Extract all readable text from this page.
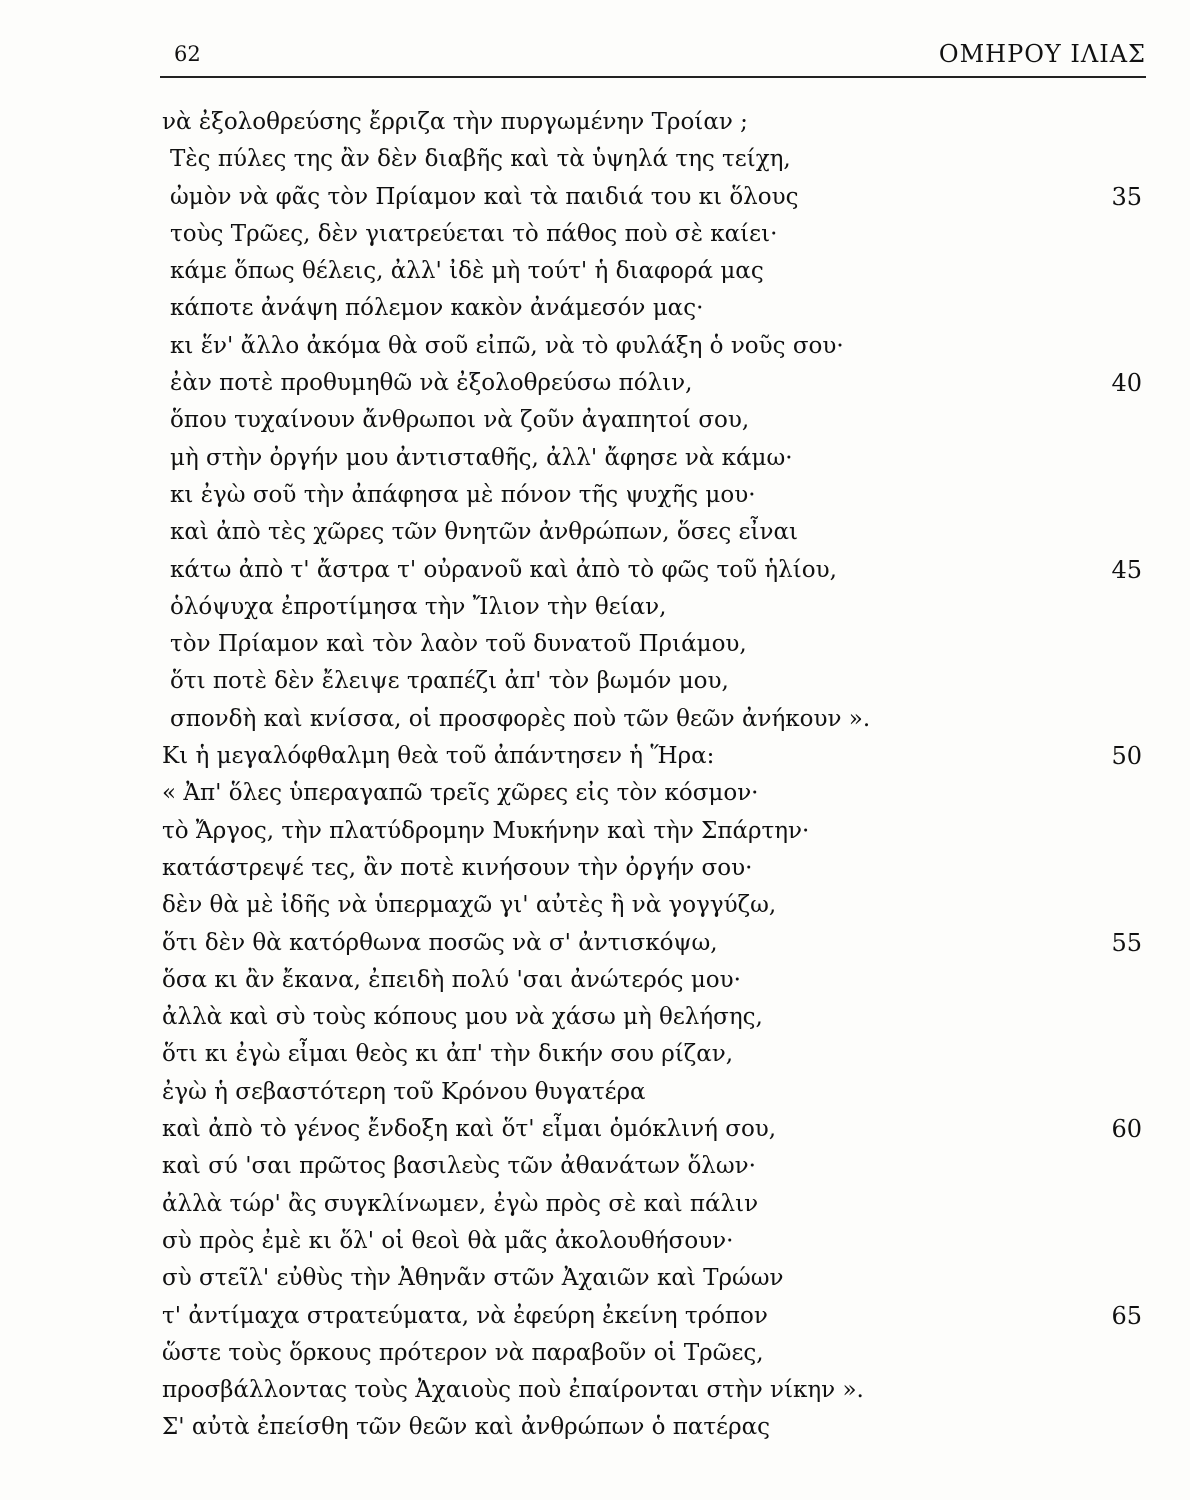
62	ΟΜΗΡΟΥ ΙΛΙΑΣ
νὰ ἐξολοθρεύσης ἔρριζα τὴν πυργωμένην Τροίαν ;
Τὲς πύλες της ἂν δὲν διαβῆς καὶ τὰ ὑψηλά της τείχη,
ὠμὸν νὰ φᾶς τὸν Πρίαμον καὶ τὰ παιδιά του κι ὅλους	35
τοὺς Τρῶες, δὲν γιατρεύεται τὸ πάθος ποὺ σὲ καίει·
κάμε ὅπως θέλεις, ἀλλ' ἰδὲ μὴ τούτ' ἡ διαφορά μας
κάποτε ἀνάψη πόλεμον κακὸν ἀνάμεσόν μας·
κι ἕν' ἄλλο ἀκόμα θὰ σοῦ εἰπῶ, νὰ τὸ φυλάξη ὁ νοῦς σου·
ἐὰν ποτὲ προθυμηθῶ νὰ ἐξολοθρεύσω πόλιν,	40
ὅπου τυχαίνουν ἄνθρωποι νὰ ζοῦν ἀγαπητοί σου,
μὴ στὴν ὀργήν μου ἀντισταθῆς, ἀλλ' ἄφησε νὰ κάμω·
κι ἐγὼ σοῦ τὴν ἀπάφησα μὲ πόνον τῆς ψυχῆς μου·
καὶ ἀπὸ τὲς χῶρες τῶν θνητῶν ἀνθρώπων, ὅσες εἶναι
κάτω ἀπὸ τ' ἄστρα τ' οὐρανοῦ καὶ ἀπὸ τὸ φῶς τοῦ ἡλίου,	45
ὁλόψυχα ἐπροτίμησα τὴν Ἴλιον τὴν θείαν,
τὸν Πρίαμον καὶ τὸν λαὸν τοῦ δυνατοῦ Πριάμου,
ὅτι ποτὲ δὲν ἔλειψε τραπέζι ἀπ' τὸν βωμόν μου,
σπονδὴ καὶ κνίσσα, οἱ προσφορὲς ποὺ τῶν θεῶν ἀνήκουν ».
Κι ἡ μεγαλόφθαλμη θεὰ τοῦ ἀπάντησεν ἡ Ἥρα:	50
« Ἀπ' ὅλες ὑπεραγαπῶ τρεῖς χῶρες εἰς τὸν κόσμον·
τὸ Ἄργος, τὴν πλατύδρομην Μυκήνην καὶ τὴν Σπάρτην·
κατάστρεψέ τες, ἂν ποτὲ κινήσουν τὴν ὀργήν σου·
δὲν θὰ μὲ ἰδῆς νὰ ὑπερμαχῶ γι' αὐτὲς ἢ νὰ γογγύζω,
ὅτι δὲν θὰ κατόρθωνα ποσῶς νὰ σ' ἀντισκόψω,	55
ὅσα κι ἂν ἔκανα, ἐπειδὴ πολύ 'σαι ἀνώτερός μου·
ἀλλὰ καὶ σὺ τοὺς κόπους μου νὰ χάσω μὴ θελήσης,
ὅτι κι ἐγὼ εἶμαι θεὸς κι ἀπ' τὴν δικήν σου ρίζαν,
ἐγὼ ἡ σεβαστότερη τοῦ Κρόνου θυγατέρα
καὶ ἀπὸ τὸ γένος ἔνδοξη καὶ ὅτ' εἶμαι ὁμόκλινή σου,	60
καὶ σύ 'σαι πρῶτος βασιλεὺς τῶν ἀθανάτων ὅλων·
ἀλλὰ τώρ' ἂς συγκλίνωμεν, ἐγὼ πρὸς σὲ καὶ πάλιν
σὺ πρὸς ἐμὲ κι ὅλ' οἱ θεοὶ θὰ μᾶς ἀκολουθήσουν·
σὺ στεῖλ' εὐθὺς τὴν Ἀθηνᾶν στῶν Ἀχαιῶν καὶ Τρώων
τ' ἀντίμαχα στρατεύματα, νὰ ἐφεύρη ἐκείνη τρόπον	65
ὥστε τοὺς ὅρκους πρότερον νὰ παραβοῦν οἱ Τρῶες,
προσβάλλοντας τοὺς Ἀχαιοὺς ποὺ ἐπαίρονται στὴν νίκην ».
Σ' αὐτὰ ἐπείσθη τῶν θεῶν καὶ ἀνθρώπων ὁ πατέρας
